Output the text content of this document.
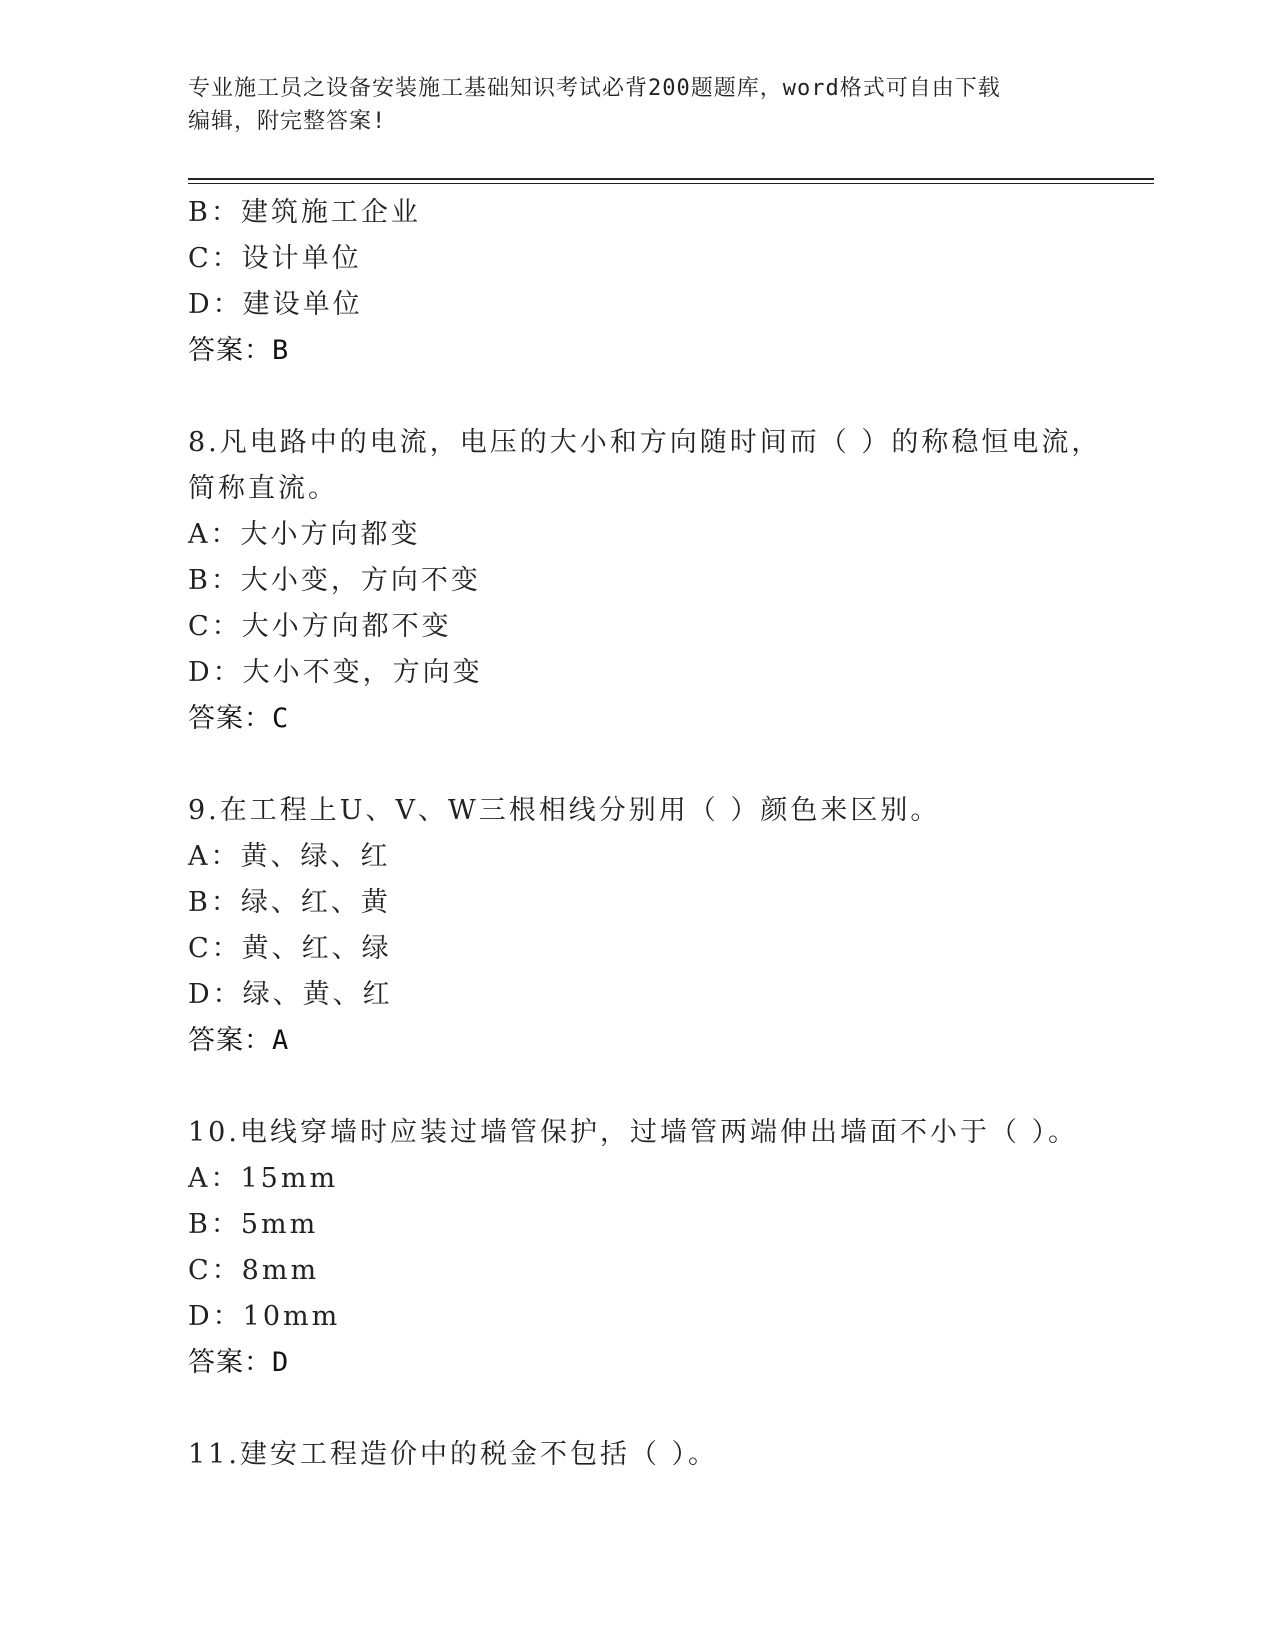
专业施工员之设备安装施工基础知识考试必背200题题库，word格式可自由下载
编辑，附完整答案!
B：建筑施工企业
C：设计单位
D：建设单位
答案：B
8.凡电路中的电流，电压的大小和方向随时间而（ ）的称稳恒电流，
简称直流。
A：大小方向都变
B：大小变，方向不变
C：大小方向都不变
D：大小不变，方向变
答案：C
9.在工程上U、V、W三根相线分别用（ ）颜色来区别。
A：黄、绿、红
B：绿、红、黄
C：黄、红、绿
D：绿、黄、红
答案：A
10.电线穿墙时应装过墙管保护，过墙管两端伸出墙面不小于（ ）。
A：15mm
B：5mm
C：8mm
D：10mm
答案：D
11.建安工程造价中的税金不包括（ ）。
